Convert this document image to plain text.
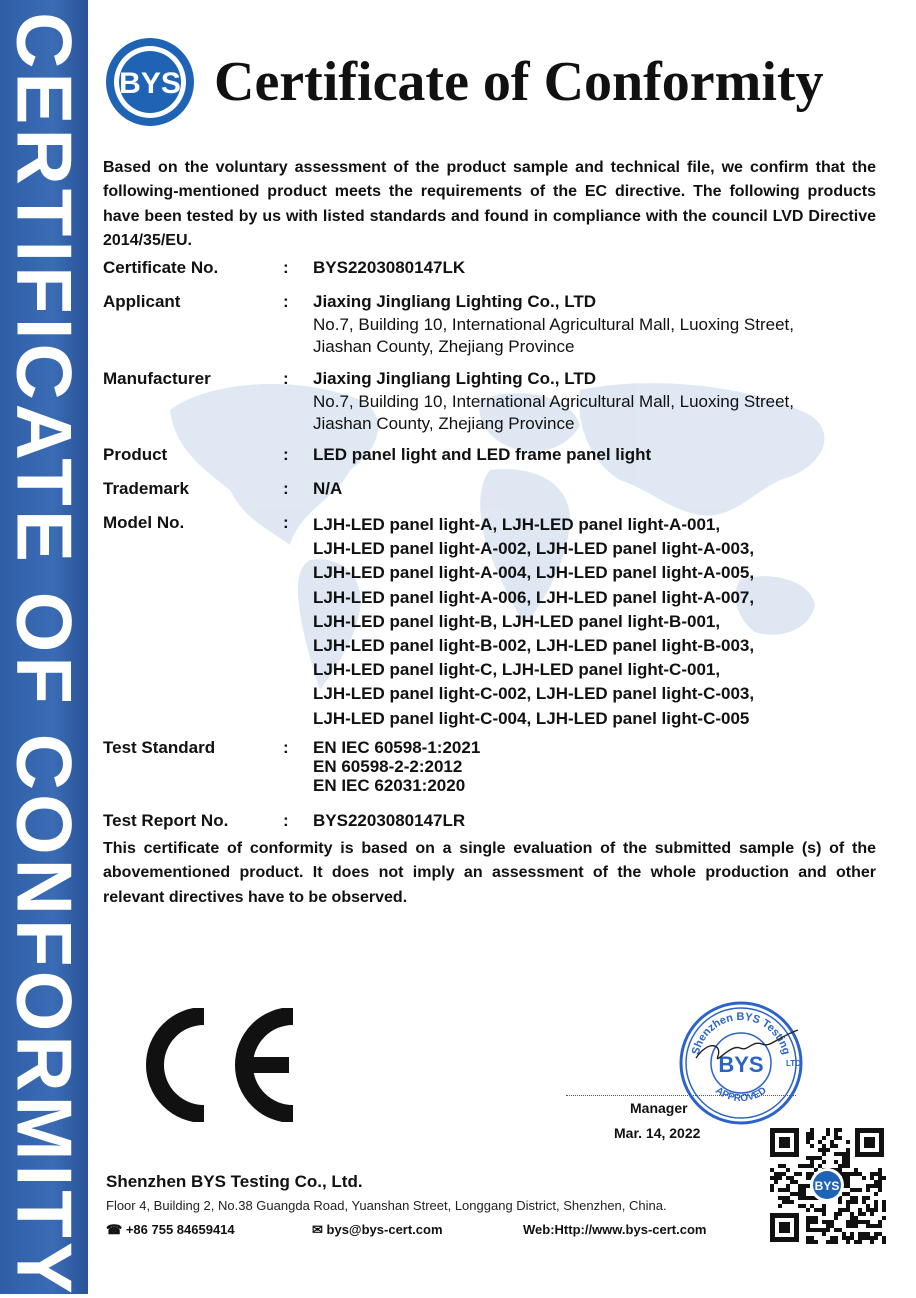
CERTIFICATE OF CONFORMITY BYS Certificate of Conformity
Based on the voluntary assessment of the product sample and technical file, we confirm that the following-mentioned product meets the requirements of the EC directive. The following products have been tested by us with listed standards and found in compliance with the council LVD Directive 2014/35/EU.
Certificate No.	: BYS2203080147LK
Applicant	: Jiaxing Jingliang Lighting Co., LTD
No.7, Building 10, International Agricultural Mall, Luoxing Street,
Jiashan County, Zhejiang Province
Manufacturer	: Jiaxing Jingliang Lighting Co., LTD
No.7, Building 10, International Agricultural Mall, Luoxing Street,
Jiashan County, Zhejiang Province
Product	: LED panel light and LED frame panel light
Trademark	: N/A
Model No.	: LJH-LED panel light-A, LJH-LED panel light-A-001,
LJH-LED panel light-A-002, LJH-LED panel light-A-003,
LJH-LED panel light-A-004, LJH-LED panel light-A-005,
LJH-LED panel light-A-006, LJH-LED panel light-A-007,
LJH-LED panel light-B, LJH-LED panel light-B-001,
LJH-LED panel light-B-002, LJH-LED panel light-B-003,
LJH-LED panel light-C, LJH-LED panel light-C-001,
LJH-LED panel light-C-002, LJH-LED panel light-C-003,
LJH-LED panel light-C-004, LJH-LED panel light-C-005
Test Standard	: EN IEC 60598-1:2021
EN 60598-2-2:2012
EN IEC 62031:2020
Test Report No.	: BYS2203080147LR
This certificate of conformity is based on a single evaluation of the submitted sample (s) of the abovementioned product. It does not imply an assessment of the whole production and other relevant directives have to be observed.
Shenzhen BYS Testing
APPROVED
LTD
BYS
Manager
Mar. 14, 2022
Shenzhen BYS Testing Co., Ltd.
Floor 4, Building 2, No.38 Guangda Road, Yuanshan Street, Longgang District, Shenzhen, China.
☎ +86 755 84659414	✉ bys@bys-cert.com	Web:Http://www.bys-cert.com
BYS
